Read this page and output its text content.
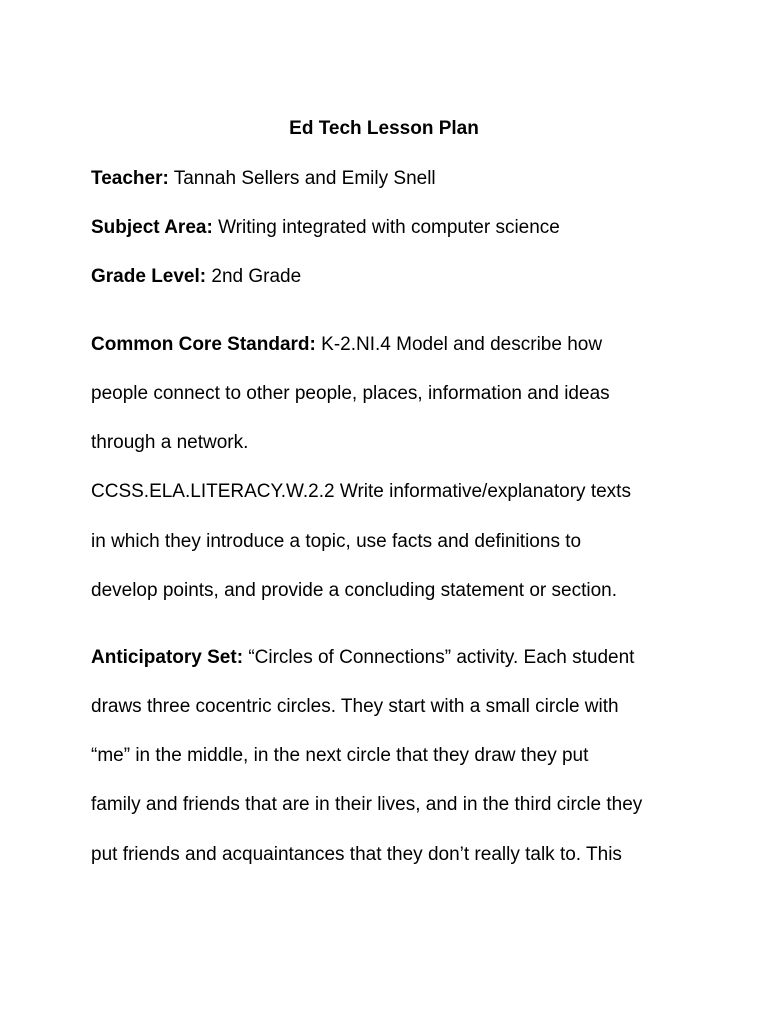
Ed Tech Lesson Plan
Teacher: Tannah Sellers and Emily Snell
Subject Area: Writing integrated with computer science
Grade Level: 2nd Grade
Common Core Standard: K-2.NI.4 Model and describe how
people connect to other people, places, information and ideas
through a network.
CCSS.ELA.LITERACY.W.2.2 Write informative/explanatory texts
in which they introduce a topic, use facts and definitions to
develop points, and provide a concluding statement or section.
Anticipatory Set: “Circles of Connections” activity. Each student
draws three cocentric circles. They start with a small circle with
“me” in the middle, in the next circle that they draw they put
family and friends that are in their lives, and in the third circle they
put friends and acquaintances that they don’t really talk to. This
